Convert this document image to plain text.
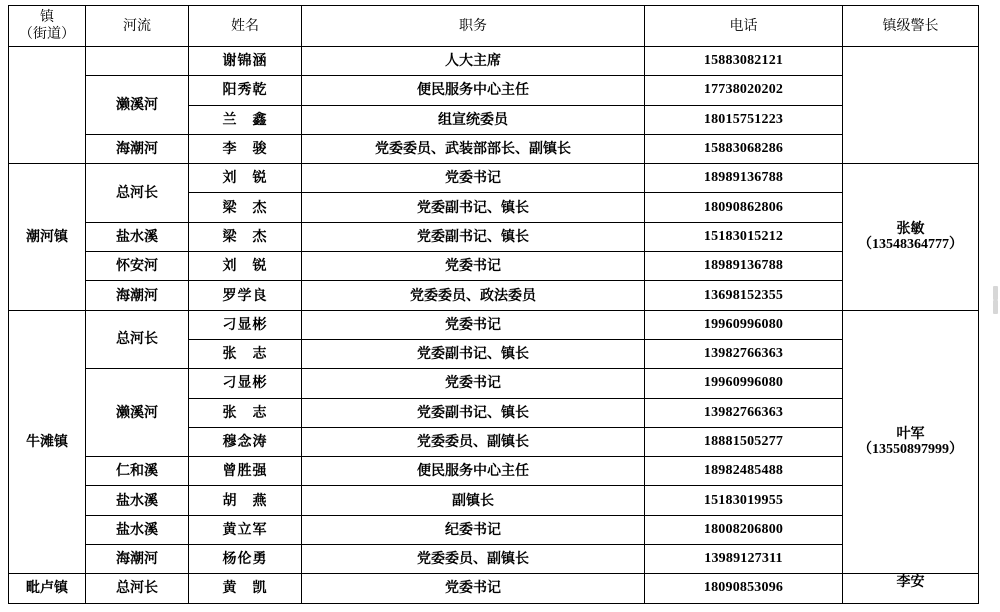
镇
（街道）	河流	姓名	职务	电话	镇级警长
		谢锦涵	人大主席	15883082121	
	濑溪河	阳秀乾	便民服务中心主任	17738020202	
		兰　鑫	组宣统委员	18015751223	
	海潮河	李　骏	党委委员、武装部部长、副镇长	15883068286	
潮河镇	总河长	刘　锐	党委书记	18989136788	张敏
（13548364777）

		梁　杰	党委副书记、镇长	18090862806	
	盐水溪	梁　杰	党委副书记、镇长	15183015212	
	怀安河	刘　锐	党委书记	18989136788	
	海潮河	罗学良	党委委员、政法委员	13698152355	
牛滩镇	总河长	刁显彬	党委书记	19960996080	叶军
（13550897999）

		张　志	党委副书记、镇长	13982766363	
	濑溪河	刁显彬	党委书记	19960996080	
		张　志	党委副书记、镇长	13982766363	
		穆念涛	党委委员、副镇长	18881505277	
	仁和溪	曾胜强	便民服务中心主任	18982485488	
	盐水溪	胡　燕	副镇长	15183019955	
	盐水溪	黄立军	纪委书记	18008206800	
	海潮河	杨伦勇	党委委员、副镇长	13989127311	
毗卢镇	总河长	黄　凯	党委书记	18090853096	李安
